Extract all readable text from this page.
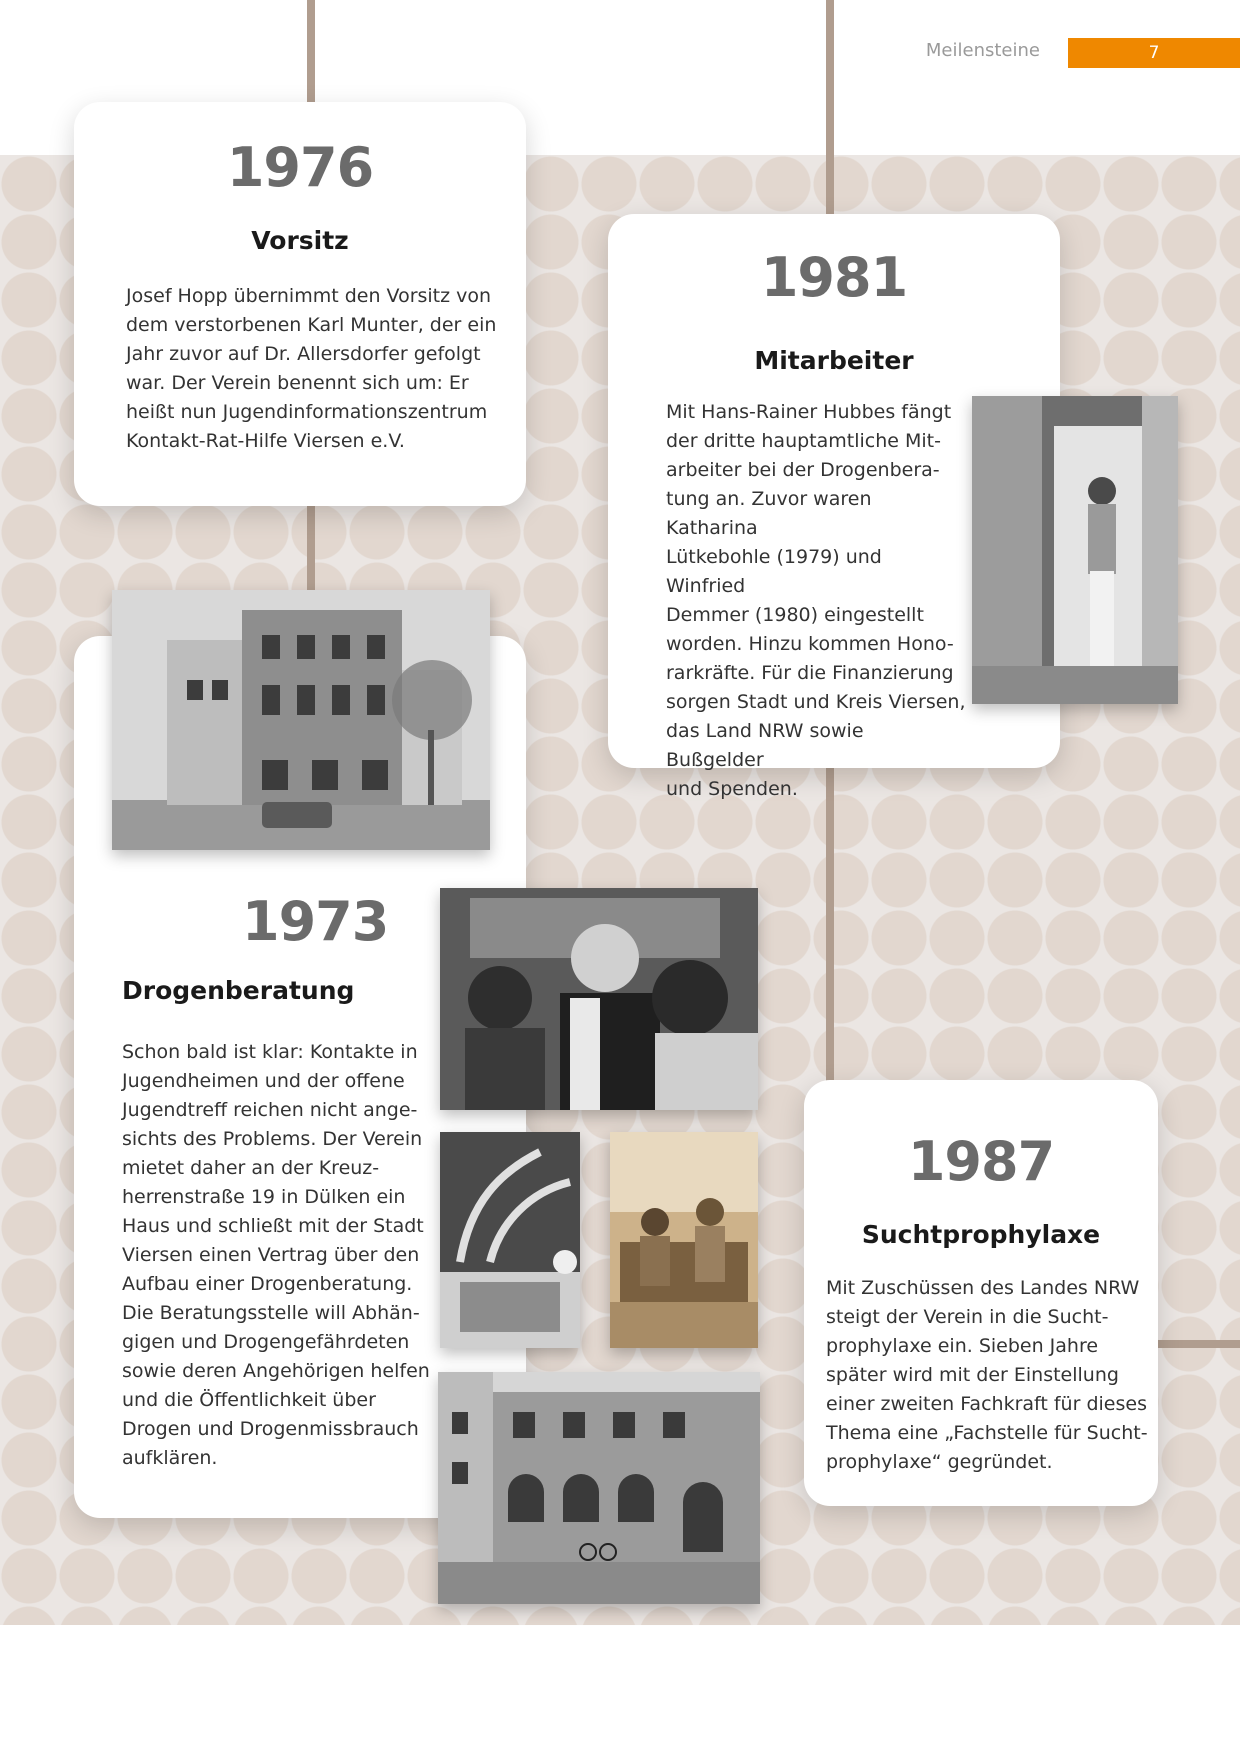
Meilensteine	7
1976
Vorsitz
Josef Hopp übernimmt den Vorsitz von
dem verstorbenen Karl Munter, der ein
Jahr zuvor auf Dr. Allersdorfer gefolgt
war. Der Verein benennt sich um: Er
heißt nun Jugendinformationszentrum
Kontakt-Rat-Hilfe Viersen e.V.
1981
Mitarbeiter
Mit Hans-Rainer Hubbes fängt
der dritte hauptamtliche Mit-
arbeiter bei der Drogenbera-
tung an. Zuvor waren Katharina
Lütkebohle (1979) und Winfried
Demmer (1980) eingestellt
worden. Hinzu kommen Hono-
rarkräfte. Für die Finanzierung
sorgen Stadt und Kreis Viersen,
das Land NRW sowie Bußgelder
und Spenden.
1973
Drogenberatung
Schon bald ist klar: Kontakte in
Jugendheimen und der offene
Jugendtreff reichen nicht ange-
sichts des Problems. Der Verein
mietet daher an der Kreuz-
herrenstraße 19 in Dülken ein
Haus und schließt mit der Stadt
Viersen einen Vertrag über den
Aufbau einer Drogenberatung.
Die Beratungsstelle will Abhän-
gigen und Drogengefährdeten
sowie deren Angehörigen helfen
und die Öffentlichkeit über
Drogen und Drogenmissbrauch
aufklären.
1987
Suchtprophylaxe
Mit Zuschüssen des Landes NRW
steigt der Verein in die Sucht-
prophylaxe ein. Sieben Jahre
später wird mit der Einstellung
einer zweiten Fachkraft für dieses
Thema eine „Fachstelle für Sucht-
prophylaxe“ gegründet.
